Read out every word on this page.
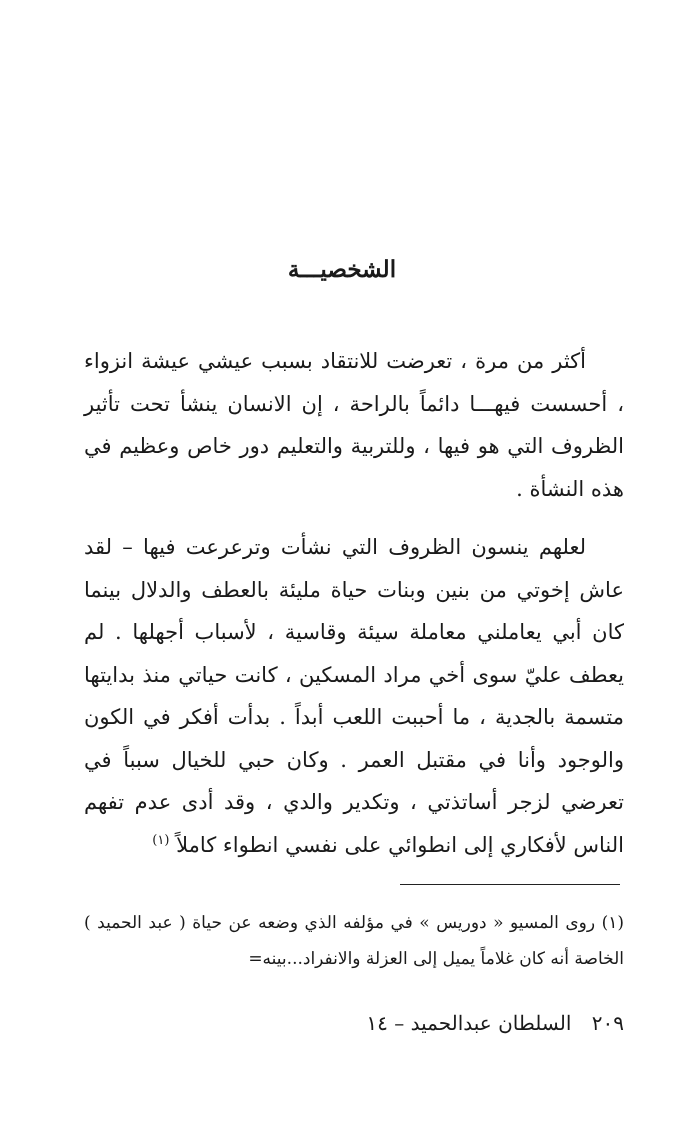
الشخصيـــة

أكثر من مرة ، تعرضت للانتقاد بسبب عيشي عيشة انزواء ، أحسست فيهـــا دائماً بالراحة ، إن الانسان ينشأ تحت تأثير الظروف التي هو فيها ، وللتربية والتعليم دور خاص وعظيم في هذه النشأة .

لعلهم ينسون الظروف التي نشأت وترعرعت فيها – لقد عاش إخوتي من بنين وبنات حياة مليئة بالعطف والدلال بينما كان أبي يعاملني معاملة سيئة وقاسية ، لأسباب أجهلها . لم يعطف عليّ سوى أخي مراد المسكين ، كانت حياتي منذ بدايتها متسمة بالجدية ، ما أحببت اللعب أبداً . بدأت أفكر في الكون والوجود وأنا في مقتبل العمر . وكان حبي للخيال سبباً في تعرضي لزجر أساتذتي ، وتكدير والدي ، وقد أدى عدم تفهم الناس لأفكاري إلى انطوائي على نفسي انطواء كاملاً $^{(١)}$

(١) روى المسيو « دوريس » في مؤلفه الذي وضعه عن حياة ( عبد الحميد ) الخاصة أنه كان غلاماً يميل إلى العزلة والانفراد...بينه=

٢٠٩ السلطان عبدالحميد – ١٤
